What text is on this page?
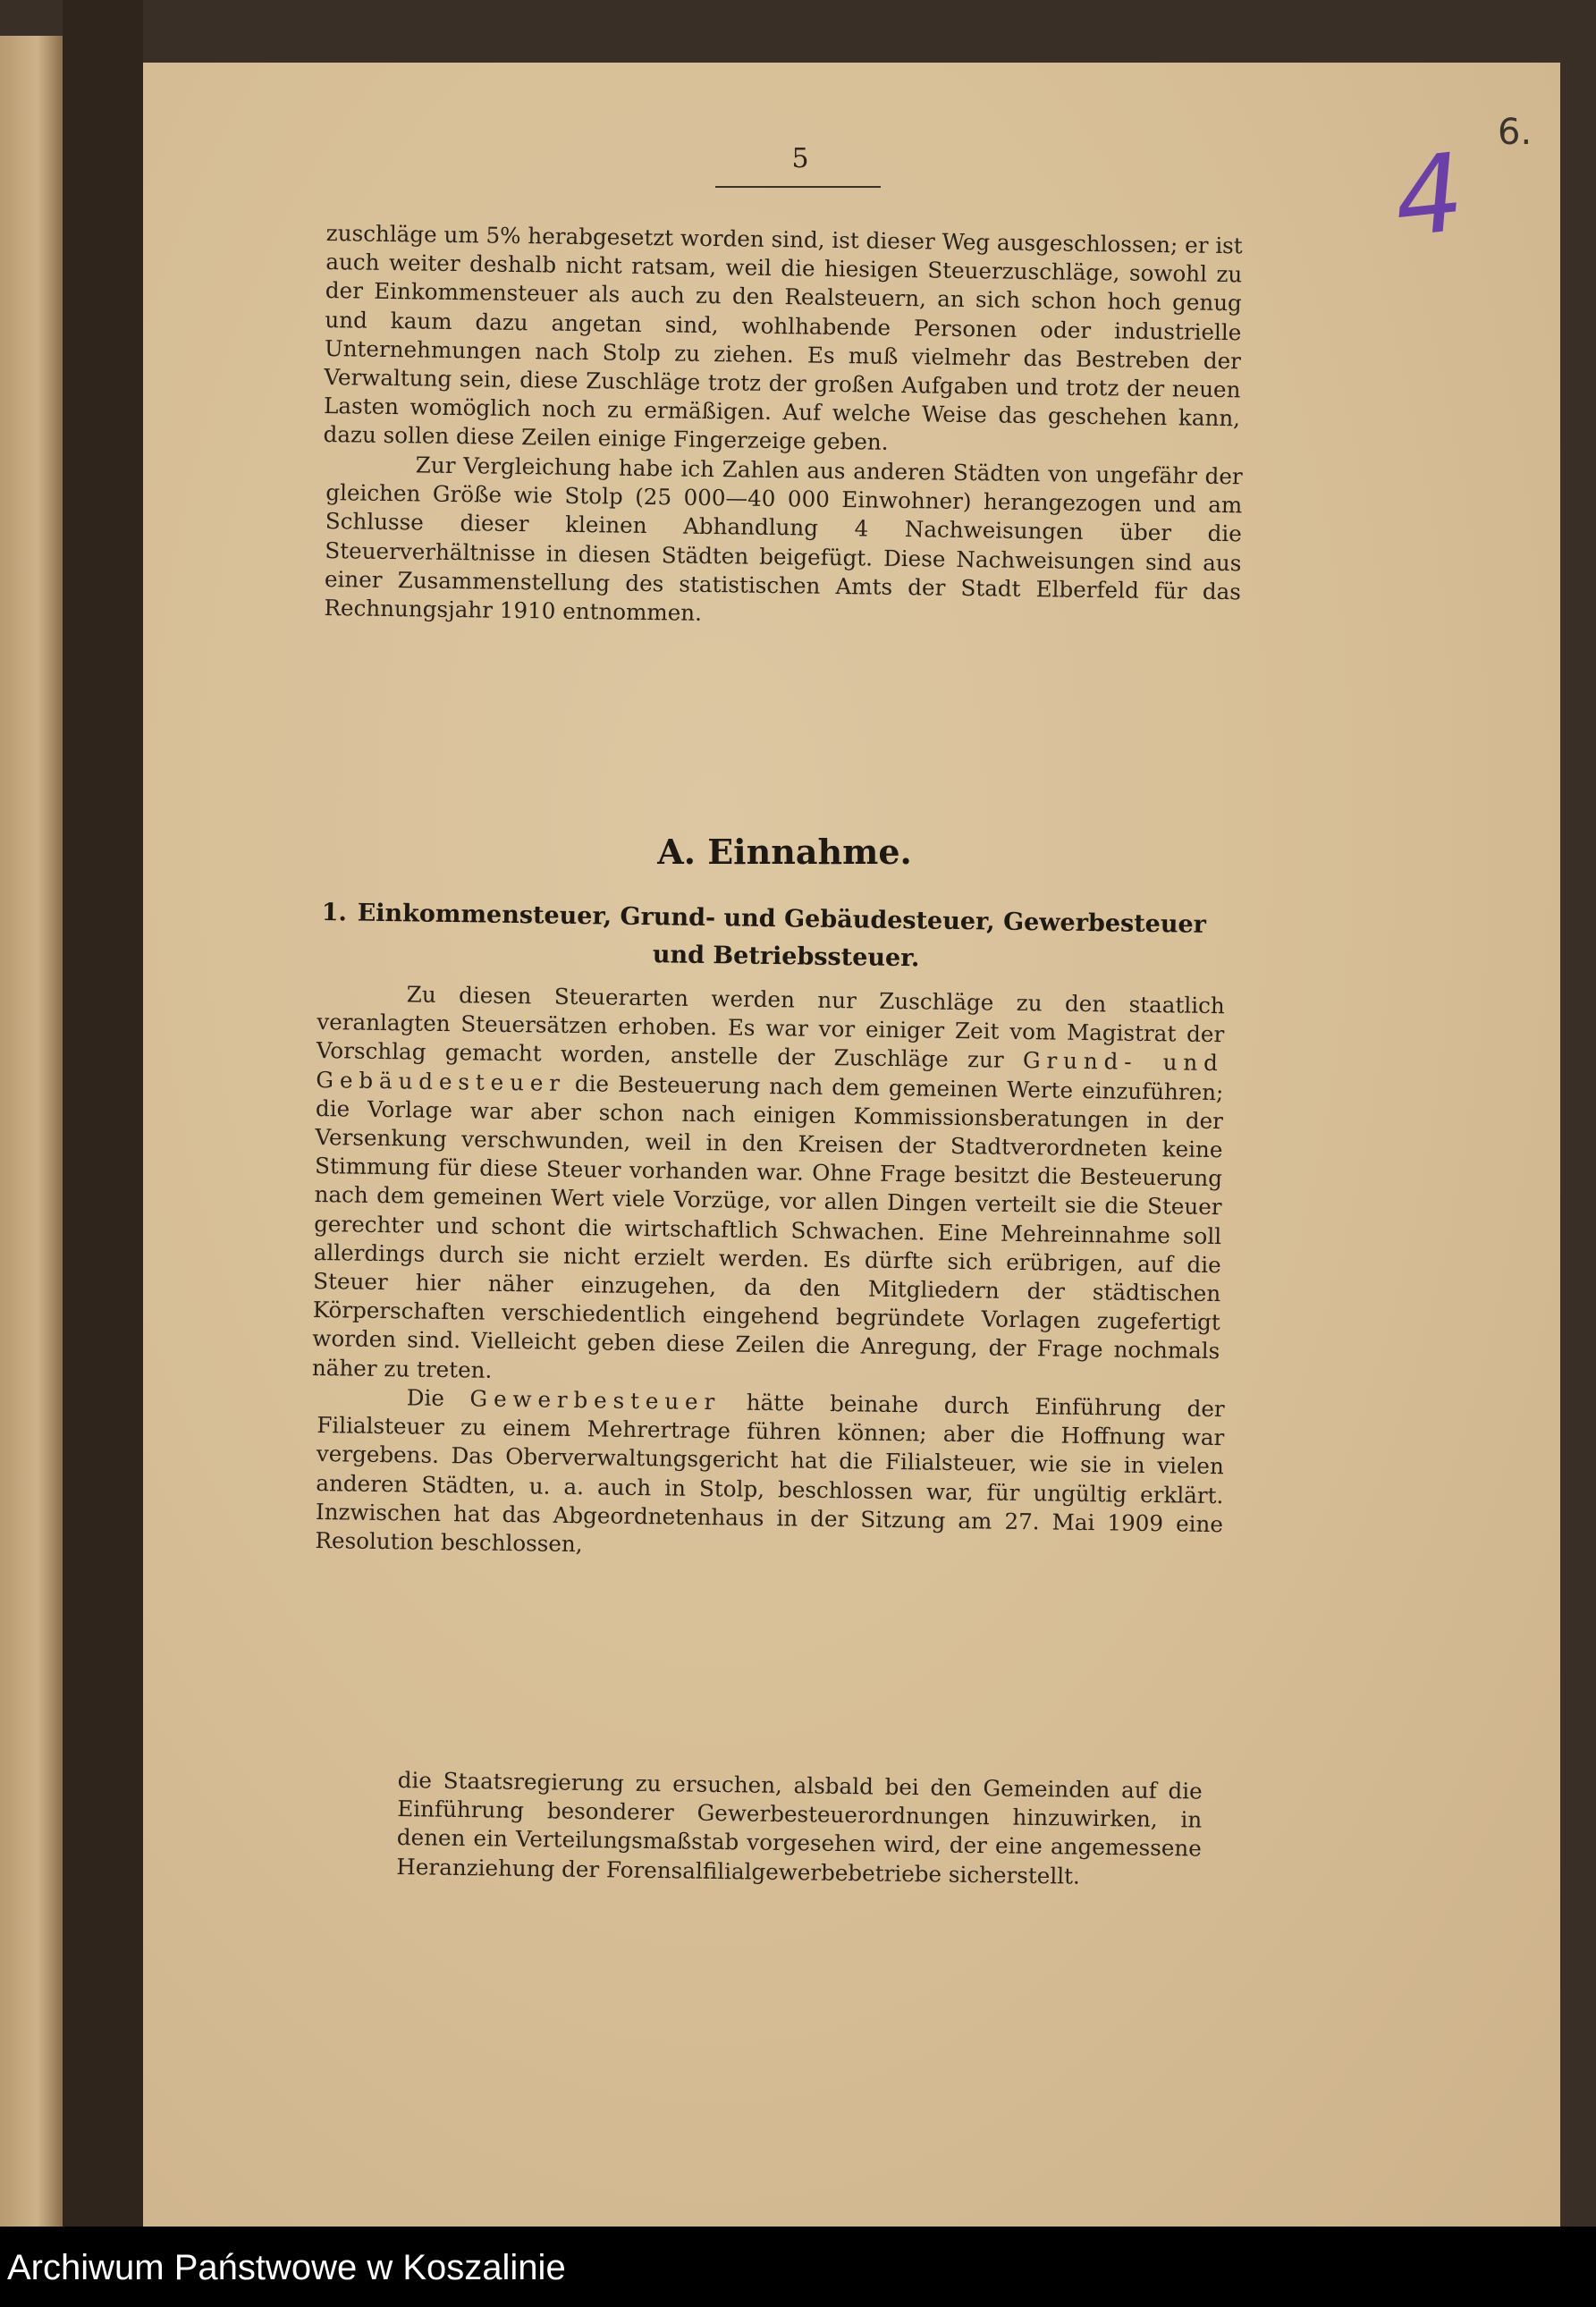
5	4 6.

zuschläge um 5% herabgesetzt worden sind, ist dieser Weg ausgeschlossen; er ist auch weiter deshalb nicht ratsam, weil die hiesigen Steuerzuschläge, sowohl zu der Einkommensteuer als auch zu den Realsteuern, an sich schon hoch genug und kaum dazu angetan sind, wohlhabende Personen oder industrielle Unternehmungen nach Stolp zu ziehen. Es muß vielmehr das Bestreben der Verwaltung sein, diese Zuschläge trotz der großen Aufgaben und trotz der neuen Lasten womöglich noch zu ermäßigen. Auf welche Weise das geschehen kann, dazu sollen diese Zeilen einige Fingerzeige geben.

Zur Vergleichung habe ich Zahlen aus anderen Städten von ungefähr der gleichen Größe wie Stolp (25 000—40 000 Einwohner) herangezogen und am Schlusse dieser kleinen Abhandlung 4 Nachweisungen über die Steuerverhältnisse in diesen Städten beigefügt. Diese Nachweisungen sind aus einer Zusammenstellung des statistischen Amts der Stadt Elberfeld für das Rechnungsjahr 1910 entnommen.

A. Einnahme.
1. Einkommensteuer, Grund- und Gebäudesteuer, Gewerbesteuer
und Betriebssteuer.

Zu diesen Steuerarten werden nur Zuschläge zu den staatlich veranlagten Steuersätzen erhoben. Es war vor einiger Zeit vom Magistrat der Vorschlag gemacht worden, anstelle der Zuschläge zur Grund- und Gebäudesteuer die Besteuerung nach dem gemeinen Werte einzuführen; die Vorlage war aber schon nach einigen Kommissionsberatungen in der Versenkung verschwunden, weil in den Kreisen der Stadtverordneten keine Stimmung für diese Steuer vorhanden war. Ohne Frage besitzt die Besteuerung nach dem gemeinen Wert viele Vorzüge, vor allen Dingen verteilt sie die Steuer gerechter und schont die wirtschaftlich Schwachen. Eine Mehreinnahme soll allerdings durch sie nicht erzielt werden. Es dürfte sich erübrigen, auf die Steuer hier näher einzugehen, da den Mitgliedern der städtischen Körperschaften verschiedentlich eingehend begründete Vorlagen zugefertigt worden sind. Vielleicht geben diese Zeilen die Anregung, der Frage nochmals näher zu treten.

Die Gewerbesteuer hätte beinahe durch Einführung der Filialsteuer zu einem Mehrertrage führen können; aber die Hoffnung war vergebens. Das Oberverwaltungsgericht hat die Filialsteuer, wie sie in vielen anderen Städten, u. a. auch in Stolp, beschlossen war, für ungültig erklärt. Inzwischen hat das Abgeordnetenhaus in der Sitzung am 27. Mai 1909 eine Resolution beschlossen,

die Staatsregierung zu ersuchen, alsbald bei den Gemeinden auf die Einführung besonderer Gewerbesteuerordnungen hinzuwirken, in denen ein Verteilungsmaßstab vorgesehen wird, der eine angemessene Heranziehung der Forensalfilialgewerbebetriebe sicherstellt.

Archiwum Państwowe w Koszalinie
